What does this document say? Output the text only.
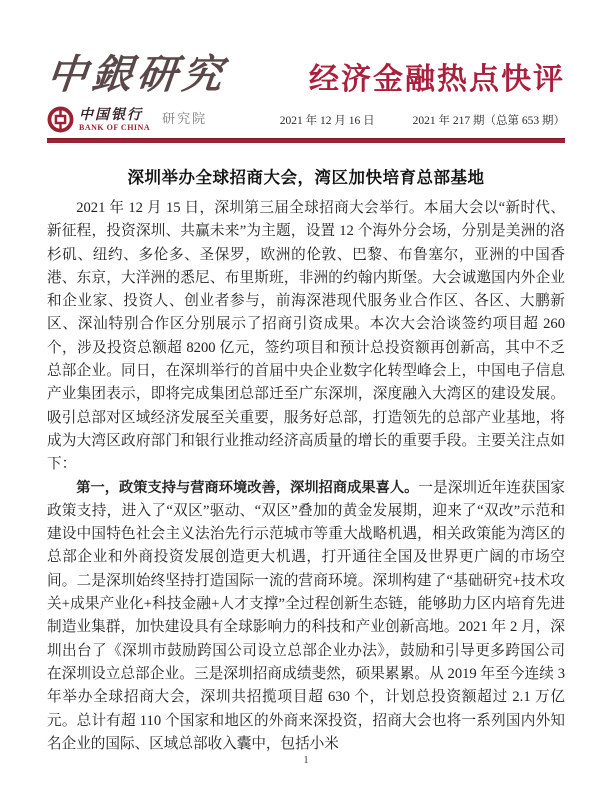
中銀研究	经济金融热点快评
中国银行
BANK OF CHINA
研究院	2021 年 12 月 16 日	2021 年 217 期（总第 653 期）
深圳举办全球招商大会，湾区加快培育总部基地

2021 年 12 月 15 日，深圳第三届全球招商大会举行。本届大会以“新时代、新征程，投资深圳、共赢未来”为主题，设置 12 个海外分会场，分别是美洲的洛杉矶、纽约、多伦多、圣保罗，欧洲的伦敦、巴黎、布鲁塞尔，亚洲的中国香港、东京，大洋洲的悉尼、布里斯班，非洲的约翰内斯堡。大会诚邀国内外企业和企业家、投资人、创业者参与，前海深港现代服务业合作区、各区、大鹏新区、深汕特别合作区分别展示了招商引资成果。本次大会洽谈签约项目超 260 个，涉及投资总额超 8200 亿元，签约项目和预计总投资额再创新高，其中不乏总部企业。同日，在深圳举行的首届中央企业数字化转型峰会上，中国电子信息产业集团表示，即将完成集团总部迁至广东深圳，深度融入大湾区的建设发展。吸引总部对区域经济发展至关重要，服务好总部，打造领先的总部产业基地，将成为大湾区政府部门和银行业推动经济高质量的增长的重要手段。主要关注点如下：

第一，政策支持与营商环境改善，深圳招商成果喜人。一是深圳近年连获国家政策支持，进入了“双区”驱动、“双区”叠加的黄金发展期，迎来了“双改”示范和建设中国特色社会主义法治先行示范城市等重大战略机遇，相关政策能为湾区的总部企业和外商投资发展创造更大机遇，打开通往全国及世界更广阔的市场空间。二是深圳始终坚持打造国际一流的营商环境。深圳构建了“基础研究+技术攻关+成果产业化+科技金融+人才支撑”全过程创新生态链，能够助力区内培育先进制造业集群，加快建设具有全球影响力的科技和产业创新高地。2021 年 2 月，深圳出台了《深圳市鼓励跨国公司设立总部企业办法》，鼓励和引导更多跨国公司在深圳设立总部企业。三是深圳招商成绩斐然，硕果累累。从 2019 年至今连续 3 年举办全球招商大会，深圳共招揽项目超 630 个，计划总投资额超过 2.1 万亿元。总计有超 110 个国家和地区的外商来深投资，招商大会也将一系列国内外知名企业的国际、区域总部收入囊中，包括小米

1
